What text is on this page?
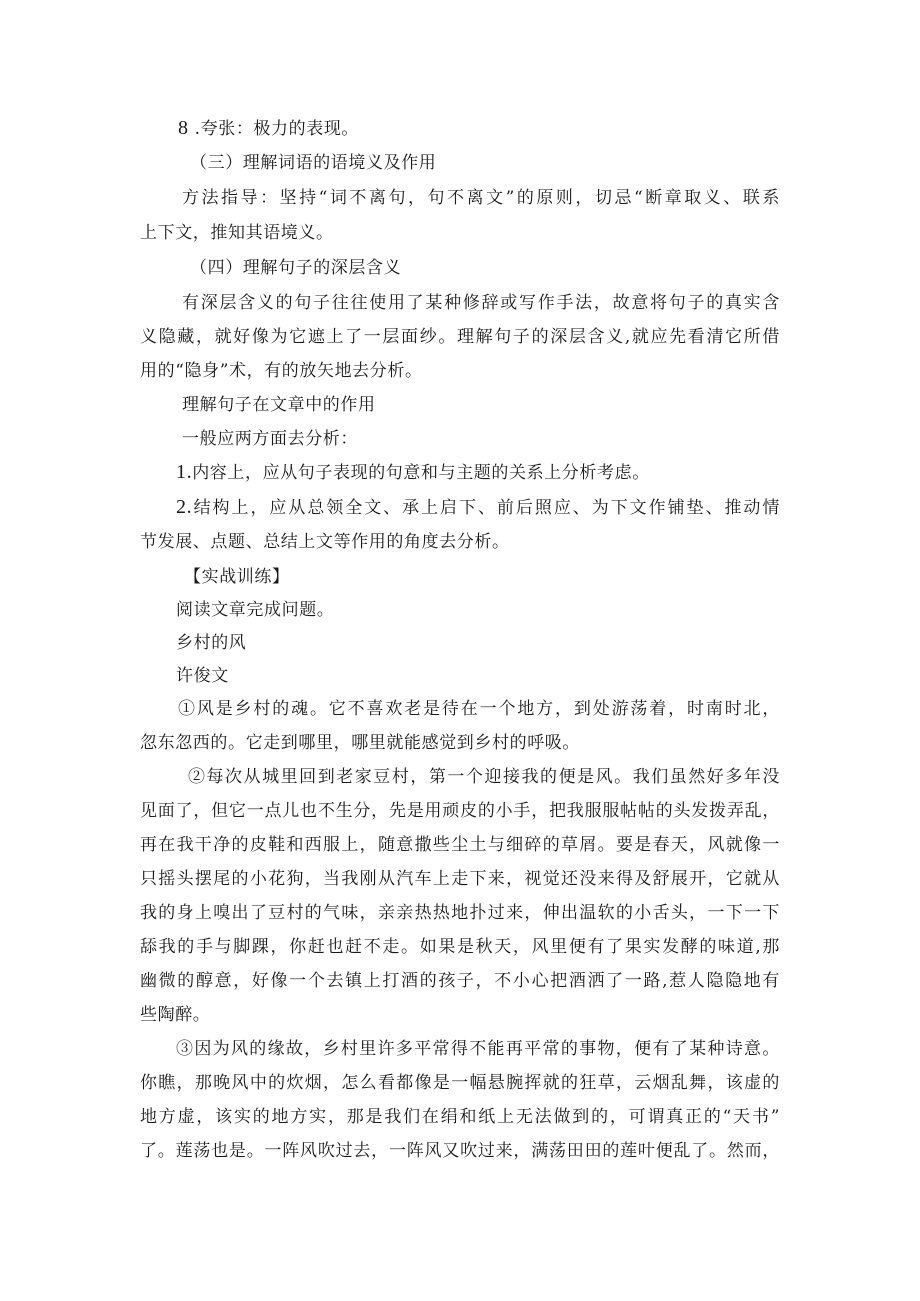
8 .夸张：极力的表现。
（三）理解词语的语境义及作用
方法指导：坚持“词不离句，句不离文”的原则，切忌“断章取义、联系
上下文，推知其语境义。
（四）理解句子的深层含义
有深层含义的句子往往使用了某种修辞或写作手法，故意将句子的真实含
义隐藏，就好像为它遮上了一层面纱。理解句子的深层含义,就应先看清它所借
用的“隐身”术，有的放矢地去分析。
理解句子在文章中的作用
一般应两方面去分析：
1.内容上，应从句子表现的句意和与主题的关系上分析考虑。
2.结构上，应从总领全文、承上启下、前后照应、为下文作铺垫、推动情
节发展、点题、总结上文等作用的角度去分析。
【实战训练】
阅读文章完成问题。
乡村的风
许俊文
①风是乡村的魂。它不喜欢老是待在一个地方，到处游荡着，时南时北，
忽东忽西的。它走到哪里，哪里就能感觉到乡村的呼吸。
②每次从城里回到老家豆村，第一个迎接我的便是风。我们虽然好多年没
见面了，但它一点儿也不生分，先是用顽皮的小手，把我服服帖帖的头发拨弄乱，
再在我干净的皮鞋和西服上，随意撒些尘土与细碎的草屑。要是春天，风就像一
只摇头摆尾的小花狗，当我刚从汽车上走下来，视觉还没来得及舒展开，它就从
我的身上嗅出了豆村的气味，亲亲热热地扑过来，伸出温软的小舌头，一下一下
舔我的手与脚踝，你赶也赶不走。如果是秋天，风里便有了果实发酵的味道,那
幽微的醇意，好像一个去镇上打酒的孩子，不小心把酒洒了一路,惹人隐隐地有
些陶醉。
③因为风的缘故，乡村里许多平常得不能再平常的事物，便有了某种诗意。
你瞧，那晚风中的炊烟，怎么看都像是一幅悬腕挥就的狂草，云烟乱舞，该虚的
地方虚，该实的地方实，那是我们在绢和纸上无法做到的，可谓真正的“天书”
了。莲荡也是。一阵风吹过去，一阵风又吹过来，满荡田田的莲叶便乱了。然而，
